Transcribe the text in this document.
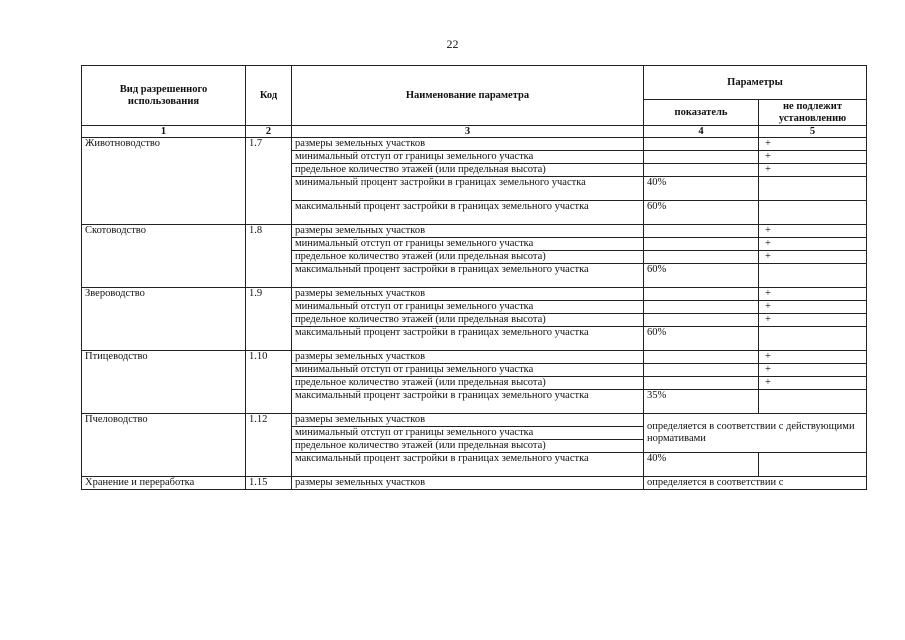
22
Вид разрешенного использования	Код	Наименование параметра	Параметры	
			показатель	не подлежит установлению
1	2	3	4	5
Животноводство	1.7	размеры земельных участков		+
		минимальный отступ от границы земельного участка		+
		предельное количество этажей (или предельная высота)		+
		минимальный процент застройки в границах земельного участка	40%	
		максимальный процент застройки в границах земельного участка	60%	
Скотоводство	1.8	размеры земельных участков		+
		минимальный отступ от границы земельного участка		+
		предельное количество этажей (или предельная высота)		+
		максимальный процент застройки в границах земельного участка	60%	
Звероводство	1.9	размеры земельных участков		+
		минимальный отступ от границы земельного участка		+
		предельное количество этажей (или предельная высота)		+
		максимальный процент застройки в границах земельного участка	60%	
Птицеводство	1.10	размеры земельных участков		+
		минимальный отступ от границы земельного участка		+
		предельное количество этажей (или предельная высота)		+
		максимальный процент застройки в границах земельного участка	35%	
Пчеловодство	1.12	размеры земельных участков	определяется в соответствии с действующими нормативами	
		минимальный отступ от границы земельного участка		
		предельное количество этажей (или предельная высота)		
		максимальный процент застройки в границах земельного участка	40%	
Хранение и переработка	1.15	размеры земельных участков	определяется в соответствии с	
